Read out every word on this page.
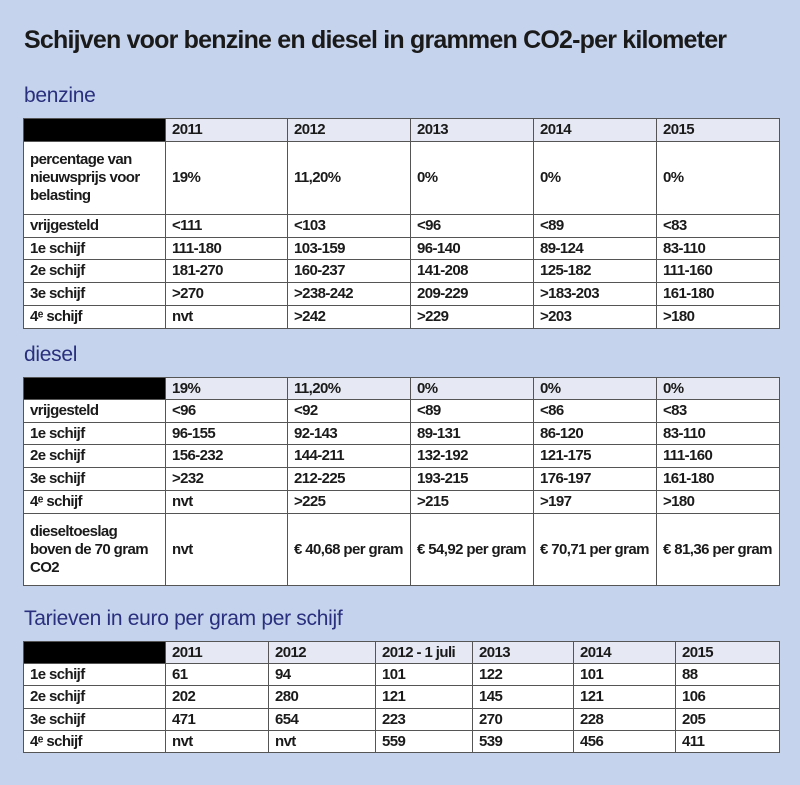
Schijven voor benzine en diesel in grammen CO2-per kilometer
benzine
	2011	2012	2013	2014	2015
percentage van nieuwsprijs voor belasting	19%	11,20%	0%	0%	0%
vrijgesteld	<111	<103	<96	<89	<83
1e schijf	111-180	103-159	96-140	89-124	83-110
2e schijf	181-270	160-237	141-208	125-182	111-160
3e schijf	>270	>238-242	209-229	>183-203	161-180
4ᵉ schijf	nvt	>242	>229	>203	>180
diesel
	19%	11,20%	0%	0%	0%
vrijgesteld	<96	<92	<89	<86	<83
1e schijf	96-155	92-143	89-131	86-120	83-110
2e schijf	156-232	144-211	132-192	121-175	111-160
3e schijf	>232	212-225	193-215	176-197	161-180
4ᵉ schijf	nvt	>225	>215	>197	>180
dieseltoeslag boven de 70 gram CO2	nvt	€ 40,68 per gram	€ 54,92 per gram	€ 70,71 per gram	€ 81,36 per gram
Tarieven in euro per gram per schijf
	2011	2012	2012 - 1 juli	2013	2014	2015
1e schijf	61	94	101	122	101	88
2e schijf	202	280	121	145	121	106
3e schijf	471	654	223	270	228	205
4ᵉ schijf	nvt	nvt	559	539	456	411
